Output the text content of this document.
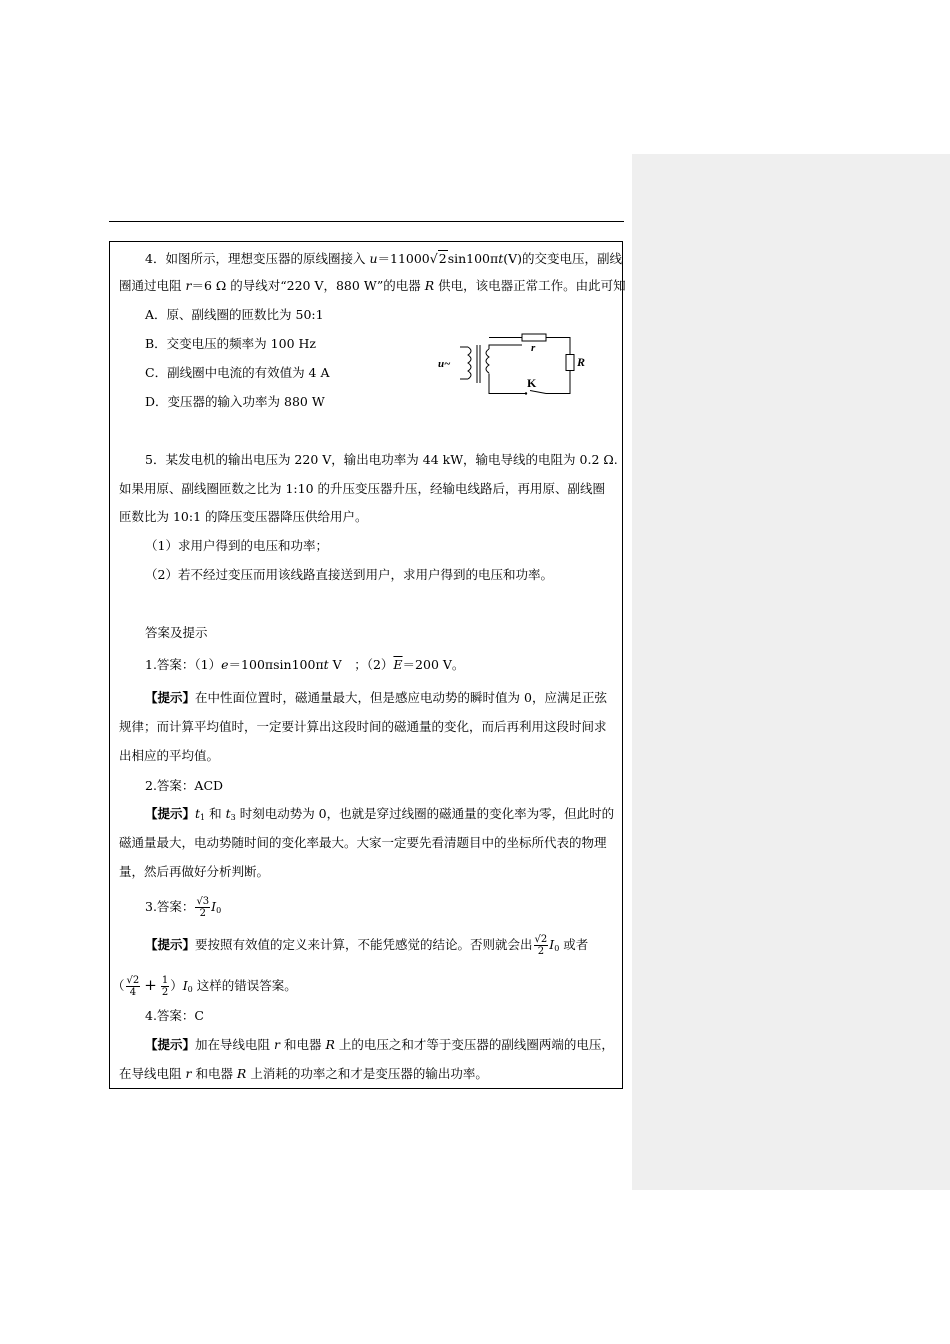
4．如图所示，理想变压器的原线圈接入 u＝11000√2sin100πt(V)的交变电压，副线
圈通过电阻 r＝6 Ω 的导线对“220 V，880 W”的电器 R 供电，该电器正常工作。由此可知
A．原、副线圈的匝数比为 50:1
B．交变电压的频率为 100 Hz
C．副线圈中电流的有效值为 4 A
D．变压器的输入功率为 880 W
u~
r
R
K
5．某发电机的输出电压为 220 V，输出电功率为 44 kW，输电导线的电阻为 0.2 Ω.
如果用原、副线圈匝数之比为 1:10 的升压变压器升压，经输电线路后，再用原、副线圈
匝数比为 10:1 的降压变压器降压供给用户。
（1）求用户得到的电压和功率；
（2）若不经过变压而用该线路直接送到用户，求用户得到的电压和功率。
答案及提示
1.答案：（1）e＝100πsin100πt V　；$(2)\overline{E}=200$ V。
【提示】在中性面位置时，磁通量最大，但是感应电动势的瞬时值为 0，应满足正弦
规律；而计算平均值时，一定要计算出这段时间的磁通量的变化，而后再利用这段时间求
出相应的平均值。
2.答案：ACD
【提示】$t_1$ 和 $t_3$ 时刻电动势为 0，也就是穿过线圈的磁通量的变化率为零，但此时的
磁通量最大，电动势随时间的变化率最大。大家一定要先看清题目中的坐标所代表的物理
量，然后再做好分析判断。
3.答案： $\frac{√3}{2} I_0$
【提示】要按照有效值的定义来计算，不能凭感觉的结论。否则就会出 $\frac{√2}{2} I_0$ 或者
（ $\frac{√2}{4} + \frac{1}{2} )I_0$ 这样的错误答案。
4.答案：C
【提示】加在导线电阻 r 和电器 R 上的电压之和才等于变压器的副线圈两端的电压，
在导线电阻 r 和电器 R 上消耗的功率之和才是变压器的输出功率。
